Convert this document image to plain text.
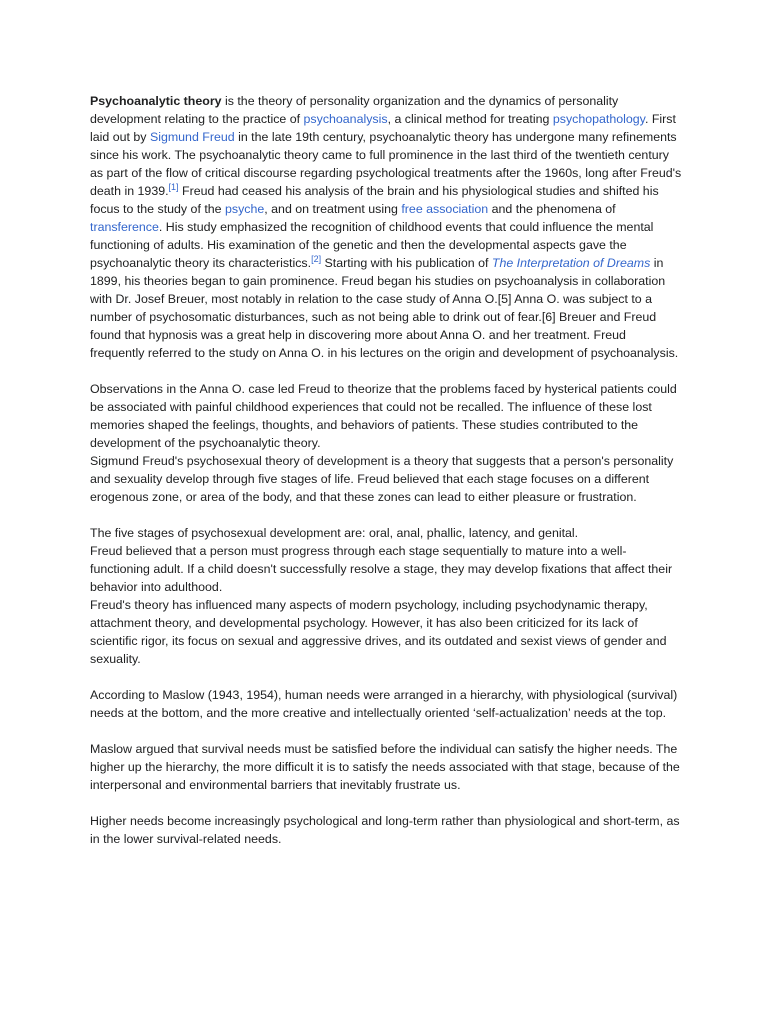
Psychoanalytic theory is the theory of personality organization and the dynamics of personality development relating to the practice of psychoanalysis, a clinical method for treating psychopathology. First laid out by Sigmund Freud in the late 19th century, psychoanalytic theory has undergone many refinements since his work. The psychoanalytic theory came to full prominence in the last third of the twentieth century as part of the flow of critical discourse regarding psychological treatments after the 1960s, long after Freud's death in 1939.[1] Freud had ceased his analysis of the brain and his physiological studies and shifted his focus to the study of the psyche, and on treatment using free association and the phenomena of transference. His study emphasized the recognition of childhood events that could influence the mental functioning of adults. His examination of the genetic and then the developmental aspects gave the psychoanalytic theory its characteristics.[2] Starting with his publication of The Interpretation of Dreams in 1899, his theories began to gain prominence. Freud began his studies on psychoanalysis in collaboration with Dr. Josef Breuer, most notably in relation to the case study of Anna O.[5] Anna O. was subject to a number of psychosomatic disturbances, such as not being able to drink out of fear.[6] Breuer and Freud found that hypnosis was a great help in discovering more about Anna O. and her treatment. Freud frequently referred to the study on Anna O. in his lectures on the origin and development of psychoanalysis.

Observations in the Anna O. case led Freud to theorize that the problems faced by hysterical patients could be associated with painful childhood experiences that could not be recalled. The influence of these lost memories shaped the feelings, thoughts, and behaviors of patients. These studies contributed to the development of the psychoanalytic theory.

Sigmund Freud's psychosexual theory of development is a theory that suggests that a person's personality and sexuality develop through five stages of life. Freud believed that each stage focuses on a different erogenous zone, or area of the body, and that these zones can lead to either pleasure or frustration.

The five stages of psychosexual development are: oral, anal, phallic, latency, and genital.

Freud believed that a person must progress through each stage sequentially to mature into a well-functioning adult. If a child doesn't successfully resolve a stage, they may develop fixations that affect their behavior into adulthood.

Freud's theory has influenced many aspects of modern psychology, including psychodynamic therapy, attachment theory, and developmental psychology. However, it has also been criticized for its lack of scientific rigor, its focus on sexual and aggressive drives, and its outdated and sexist views of gender and sexuality.

According to Maslow (1943, 1954), human needs were arranged in a hierarchy, with physiological (survival) needs at the bottom, and the more creative and intellectually oriented ‘self-actualization’ needs at the top.

Maslow argued that survival needs must be satisfied before the individual can satisfy the higher needs. The higher up the hierarchy, the more difficult it is to satisfy the needs associated with that stage, because of the interpersonal and environmental barriers that inevitably frustrate us.

Higher needs become increasingly psychological and long-term rather than physiological and short-term, as in the lower survival-related needs.
